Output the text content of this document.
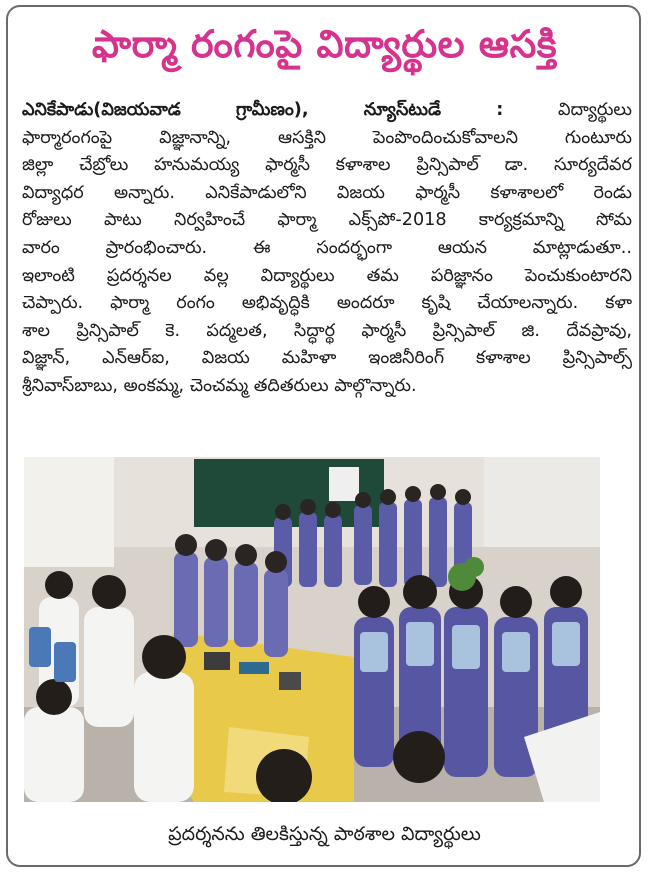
ఫార్మా రంగంపై విద్యార్థుల ఆసక్తి
ఎనికేపాడు(విజయవాడ గ్రామీణం), న్యూస్‌టుడే :	విద్యార్థులు
ఫార్మారంగంపై విజ్ఞానాన్ని, ఆసక్తిని పెంపొందించుకోవాలని గుంటూరు
జిల్లా చేబ్రోలు హనుమయ్య ఫార్మసీ కళాశాల ప్రిన్సిపాల్ డా. సూర్యదేవర
విద్యాధర అన్నారు. ఎనికేపాడులోని విజయ ఫార్మసీ కళాశాలలో రెండు
రోజులు పాటు నిర్వహించే ఫార్మా ఎక్స్‌పో-2018 కార్యక్రమాన్ని సోమ
వారం ప్రారంభించారు. ఈ సందర్భంగా ఆయన మాట్లాడుతూ..
ఇలాంటి ప్రదర్శనల వల్ల విద్యార్థులు తమ పరిజ్ఞానం పెంచుకుంటారని
చెప్పారు. ఫార్మా రంగం అభివృద్ధికి అందరూ కృషి చేయాలన్నారు. కళా
శాల ప్రిన్సిపాల్ కె. పద్మలత, సిద్ధార్థ ఫార్మసీ ప్రిన్సిపాల్ జి. దేవప్రావు,
విజ్ఞాన్, ఎన్‌ఆర్ఐ, విజయ మహిళా ఇంజినీరింగ్ కళాశాల ప్రిన్సిపాల్స్
శ్రీనివాస్‌బాబు, అంకమ్మ, చెంచమ్మ తదితరులు పాల్గొన్నారు.
ప్రదర్శనను తిలకిస్తున్న పాఠశాల విద్యార్థులు
